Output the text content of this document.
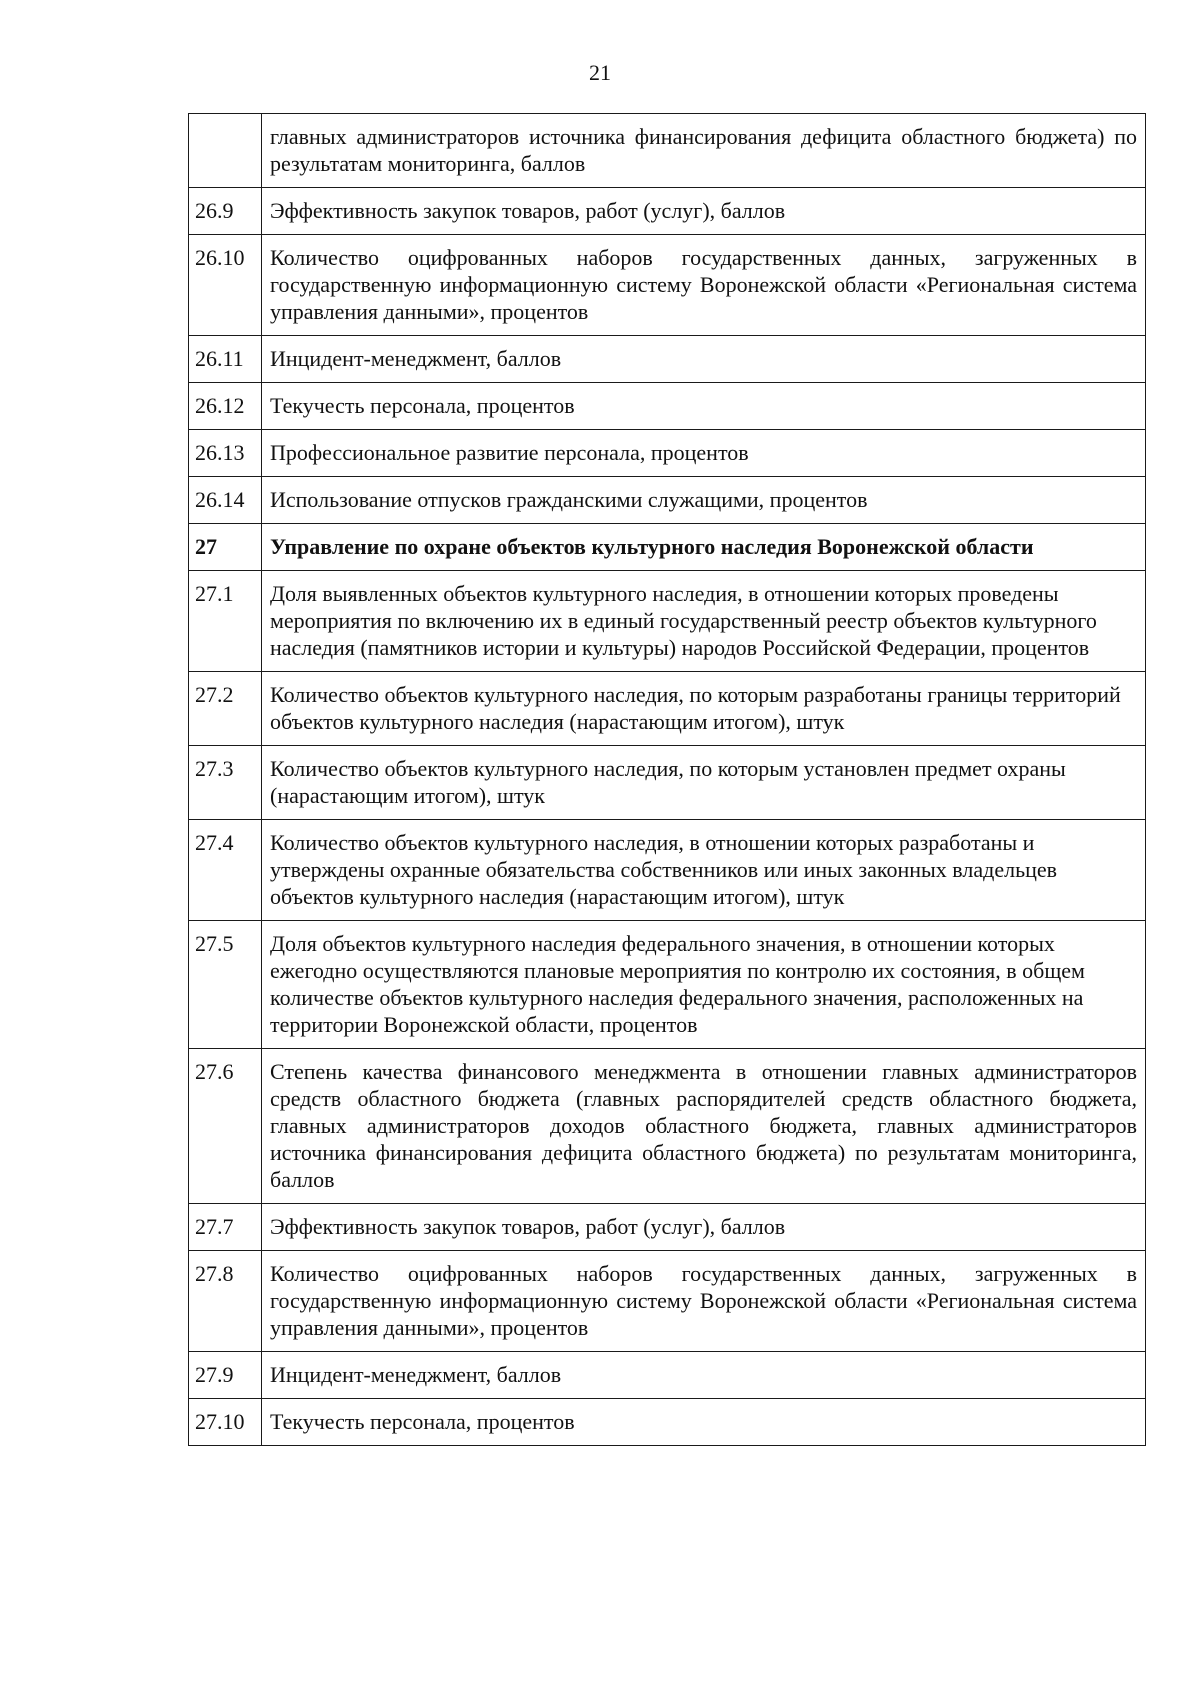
21
	главных администраторов источника финансирования дефицита областного бюджета) по результатам мониторинга, баллов
26.9	Эффективность закупок товаров, работ (услуг), баллов
26.10	Количество оцифрованных наборов государственных данных, загруженных в государственную информационную систему Воронежской области «Региональная система управления данными», процентов
26.11	Инцидент-менеджмент, баллов
26.12	Текучесть персонала, процентов
26.13	Профессиональное развитие персонала, процентов
26.14	Использование отпусков гражданскими служащими, процентов
27	Управление по охране объектов культурного наследия Воронежской области
27.1	Доля выявленных объектов культурного наследия, в отношении которых проведены мероприятия по включению их в единый государственный реестр объектов культурного наследия (памятников истории и культуры) народов Российской Федерации, процентов
27.2	Количество объектов культурного наследия, по которым разработаны границы территорий объектов культурного наследия (нарастающим итогом), штук
27.3	Количество объектов культурного наследия, по которым установлен предмет охраны (нарастающим итогом), штук
27.4	Количество объектов культурного наследия, в отношении которых разработаны и утверждены охранные обязательства собственников или иных законных владельцев объектов культурного наследия (нарастающим итогом), штук
27.5	Доля объектов культурного наследия федерального значения, в отношении которых ежегодно осуществляются плановые мероприятия по контролю их состояния, в общем количестве объектов культурного наследия федерального значения, расположенных на территории Воронежской области, процентов
27.6	Степень качества финансового менеджмента в отношении главных администраторов средств областного бюджета (главных распорядителей средств областного бюджета, главных администраторов доходов областного бюджета, главных администраторов источника финансирования дефицита областного бюджета) по результатам мониторинга, баллов
27.7	Эффективность закупок товаров, работ (услуг), баллов
27.8	Количество оцифрованных наборов государственных данных, загруженных в государственную информационную систему Воронежской области «Региональная система управления данными», процентов
27.9	Инцидент-менеджмент, баллов
27.10	Текучесть персонала, процентов
